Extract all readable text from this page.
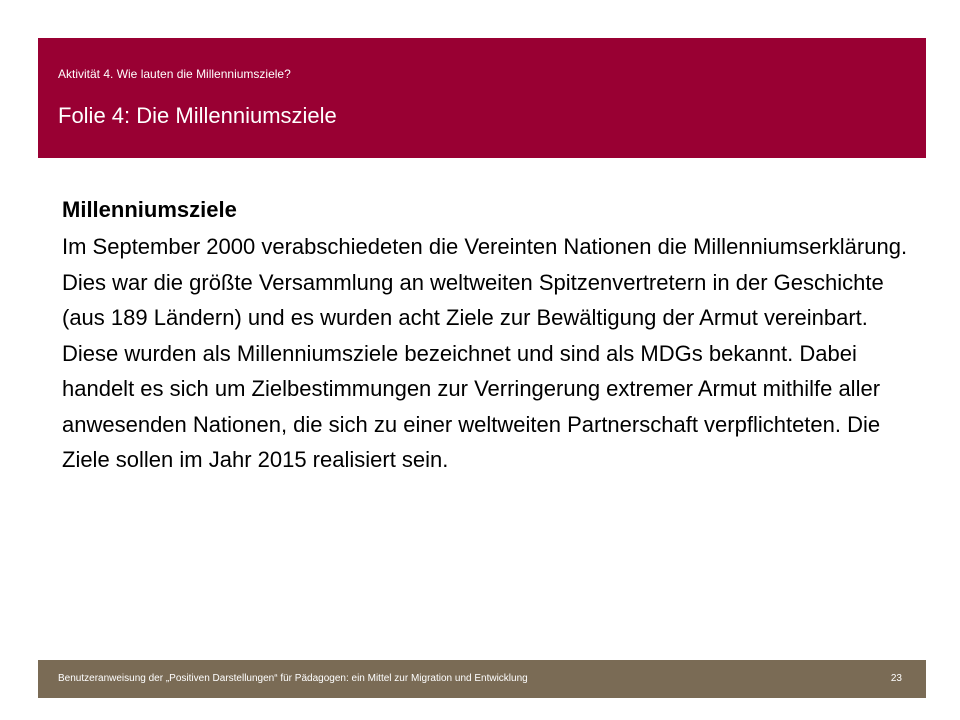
Aktivität 4. Wie lauten die Millenniumsziele?
Folie 4: Die Millenniumsziele

Millenniumsziele

Im September 2000 verabschiedeten die Vereinten Nationen die Millenniumserklärung. Dies war die größte Versammlung an weltweiten Spitzenvertretern in der Geschichte (aus 189 Ländern) und es wurden acht Ziele zur Bewältigung der Armut vereinbart. Diese wurden als Millenniumsziele bezeichnet und sind als MDGs bekannt. Dabei handelt es sich um Zielbestimmungen zur Verringerung extremer Armut mithilfe aller anwesenden Nationen, die sich zu einer weltweiten Partnerschaft verpflichteten. Die Ziele sollen im Jahr 2015 realisiert sein.

Benutzeranweisung der „Positiven Darstellungen“ für Pädagogen: ein Mittel zur Migration und Entwicklung	23
